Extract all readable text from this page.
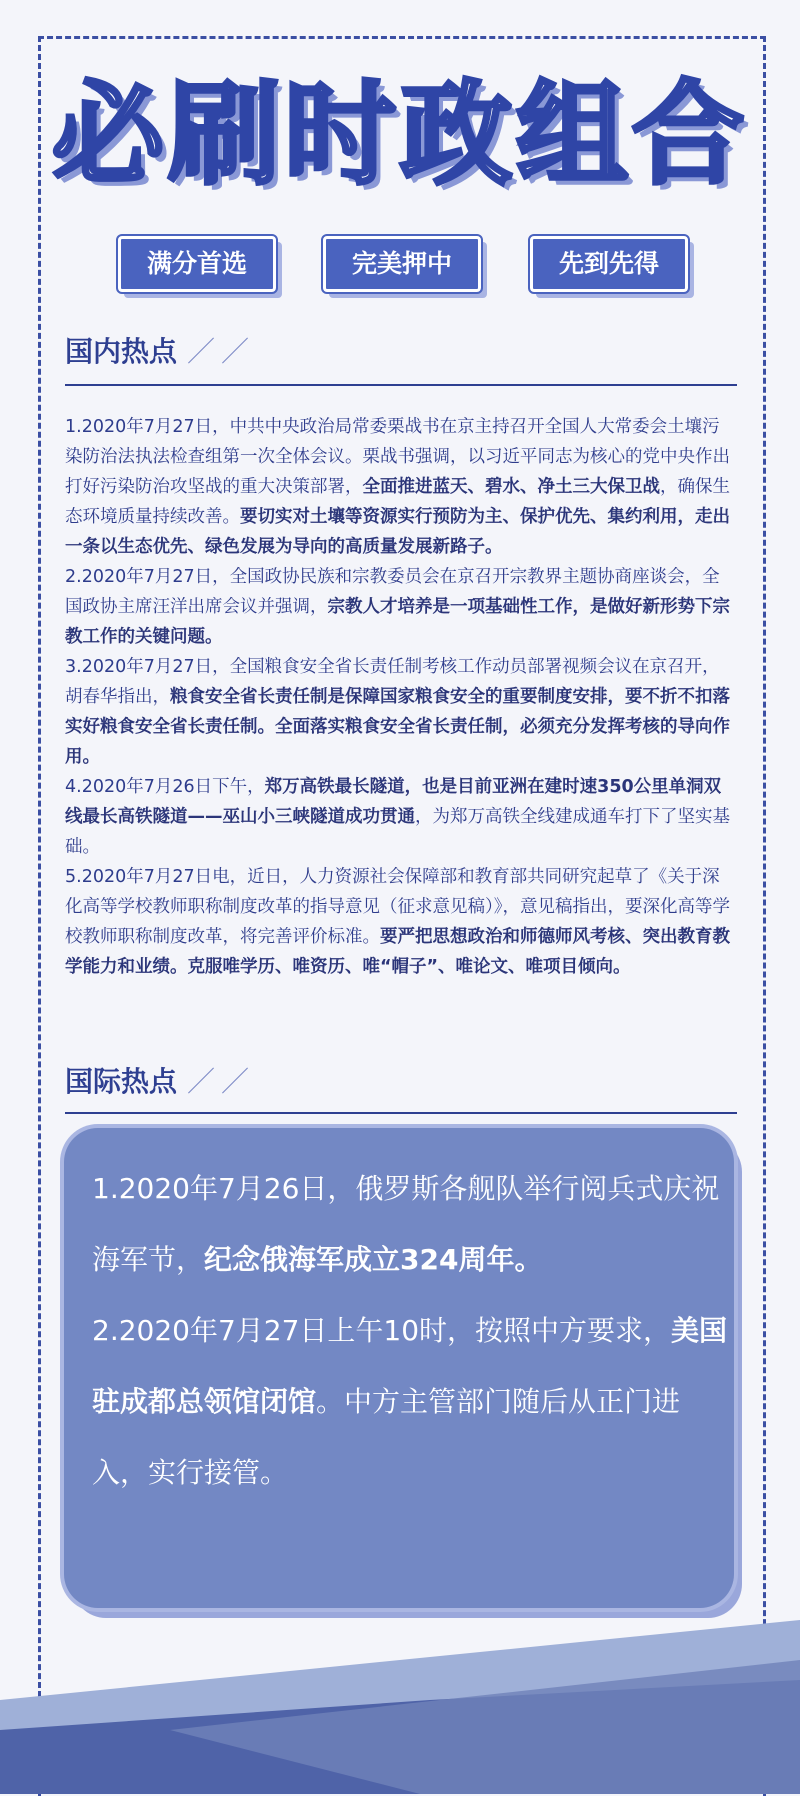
必刷时政组合
满分首选	完美押中	先到先得
国内热点 ／／

1.2020年7月27日，中共中央政治局常委栗战书在京主持召开全国人大常委会土壤污染防治法执法检查组第一次全体会议。栗战书强调，以习近平同志为核心的党中央作出打好污染防治攻坚战的重大决策部署，全面推进蓝天、碧水、净土三大保卫战，确保生态环境质量持续改善。要切实对土壤等资源实行预防为主、保护优先、集约利用，走出一条以生态优先、绿色发展为导向的高质量发展新路子。

2.2020年7月27日，全国政协民族和宗教委员会在京召开宗教界主题协商座谈会，全国政协主席汪洋出席会议并强调，宗教人才培养是一项基础性工作，是做好新形势下宗教工作的关键问题。

3.2020年7月27日，全国粮食安全省长责任制考核工作动员部署视频会议在京召开，胡春华指出，粮食安全省长责任制是保障国家粮食安全的重要制度安排，要不折不扣落实好粮食安全省长责任制。全面落实粮食安全省长责任制，必须充分发挥考核的导向作用。

4.2020年7月26日下午，郑万高铁最长隧道，也是目前亚洲在建时速350公里单洞双线最长高铁隧道——巫山小三峡隧道成功贯通，为郑万高铁全线建成通车打下了坚实基础。

5.2020年7月27日电，近日，人力资源社会保障部和教育部共同研究起草了《关于深化高等学校教师职称制度改革的指导意见（征求意见稿）》，意见稿指出，要深化高等学校教师职称制度改革，将完善评价标准。要严把思想政治和师德师风考核、突出教育教学能力和业绩。克服唯学历、唯资历、唯“帽子”、唯论文、唯项目倾向。

国际热点 ／／

1.2020年7月26日，俄罗斯各舰队举行阅兵式庆祝海军节，纪念俄海军成立324周年。

2.2020年7月27日上午10时，按照中方要求，美国驻成都总领馆闭馆。中方主管部门随后从正门进入，实行接管。
